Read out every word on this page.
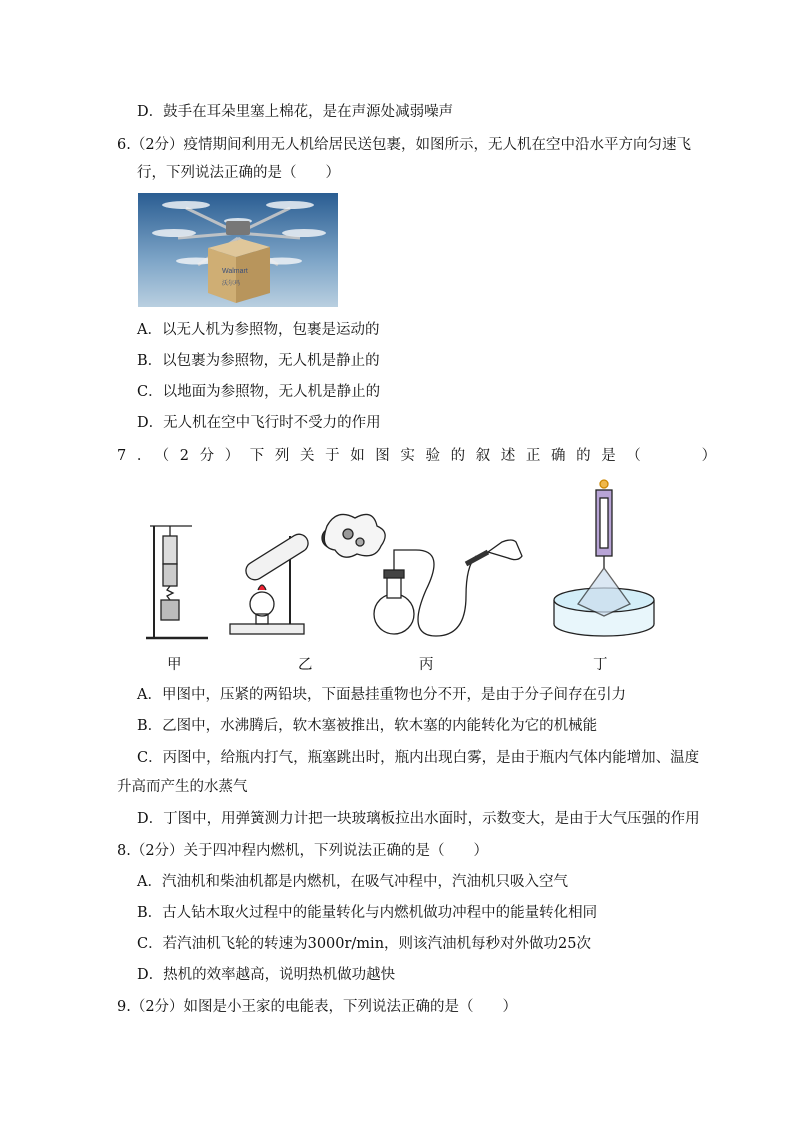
D．鼓手在耳朵里塞上棉花，是在声源处减弱噪声
6.（2分）疫情期间利用无人机给居民送包裹，如图所示，无人机在空中沿水平方向匀速飞
行，下列说法正确的是（　　）
Walmart
沃尔玛
A．以无人机为参照物，包裹是运动的
B．以包裹为参照物，无人机是静止的
C．以地面为参照物，无人机是静止的
D．无人机在空中飞行时不受力的作用
7．（2分）下列关于如图实验的叙述正确的是（　　）
甲	乙	丙	丁
A．甲图中，压紧的两铅块，下面悬挂重物也分不开，是由于分子间存在引力
B．乙图中，水沸腾后，软木塞被推出，软木塞的内能转化为它的机械能
C．丙图中，给瓶内打气，瓶塞跳出时，瓶内出现白雾，是由于瓶内气体内能增加、温度
升高而产生的水蒸气
D．丁图中，用弹簧测力计把一块玻璃板拉出水面时，示数变大，是由于大气压强的作用
8.（2分）关于四冲程内燃机，下列说法正确的是（　　）
A．汽油机和柴油机都是内燃机，在吸气冲程中，汽油机只吸入空气
B．古人钻木取火过程中的能量转化与内燃机做功冲程中的能量转化相同
C．若汽油机飞轮的转速为3000r/min，则该汽油机每秒对外做功25次
D．热机的效率越高，说明热机做功越快
9.（2分）如图是小王家的电能表，下列说法正确的是（　　）
